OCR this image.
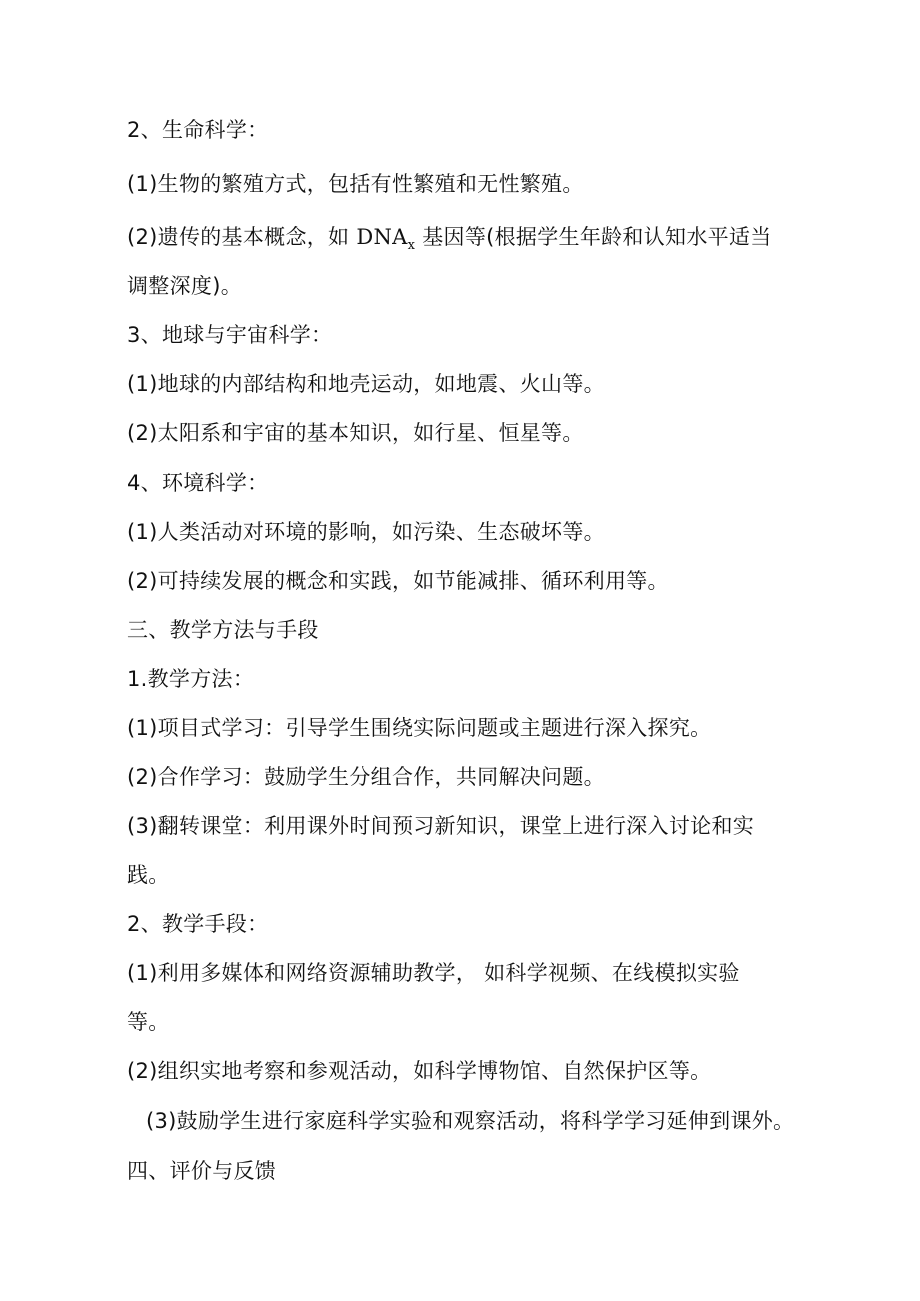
2、生命科学：
(1)生物的繁殖方式，包括有性繁殖和无性繁殖。
(2)遗传的基本概念，如 $DNA_x$ 基因等(根据学生年龄和认知水平适当
调整深度)。
3、地球与宇宙科学：
(1)地球的内部结构和地壳运动，如地震、火山等。
(2)太阳系和宇宙的基本知识，如行星、恒星等。
4、环境科学：
(1)人类活动对环境的影响，如污染、生态破坏等。
(2)可持续发展的概念和实践，如节能减排、循环利用等。
三、教学方法与手段
1.教学方法：
(1)项目式学习：引导学生围绕实际问题或主题进行深入探究。
(2)合作学习：鼓励学生分组合作，共同解决问题。
(3)翻转课堂：利用课外时间预习新知识，课堂上进行深入讨论和实
践。
2、教学手段：
(1)利用多媒体和网络资源辅助教学， 如科学视频、在线模拟实验
等。
(2)组织实地考察和参观活动，如科学博物馆、自然保护区等。
(3)鼓励学生进行家庭科学实验和观察活动，将科学学习延伸到课外。
四、评价与反馈
